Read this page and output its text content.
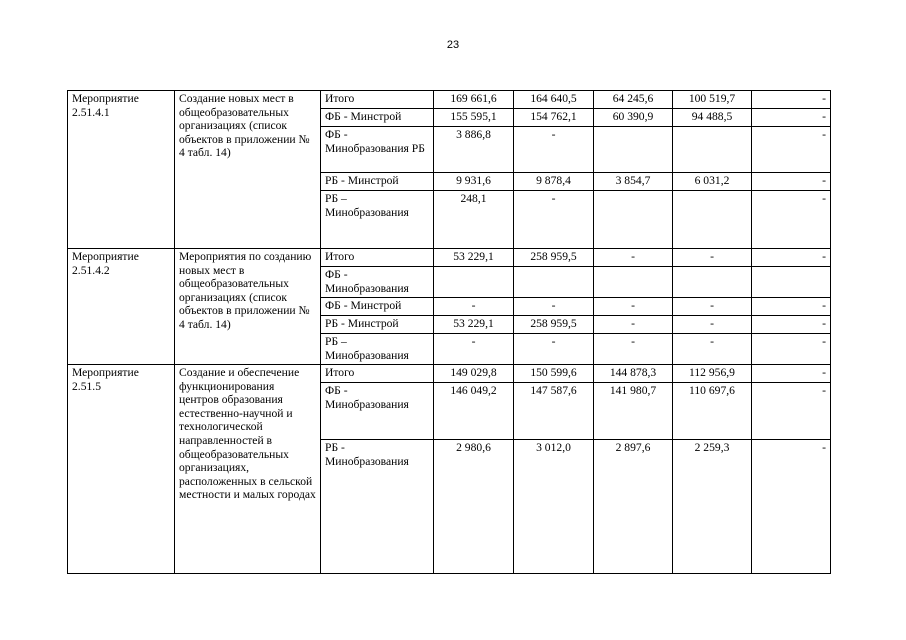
23
Мероприятие 2.51.4.1	Создание новых мест в общеобразовательных организациях (список объектов в приложении № 4 табл. 14)	Итого	169 661,6	164 640,5	64 245,6	100 519,7	-
		ФБ - Минстрой	155 595,1	154 762,1	60 390,9	94 488,5	-
		ФБ - Минобразования РБ	3 886,8	-			-
		РБ - Минстрой	9 931,6	9 878,4	3 854,7	6 031,2	-
		РБ – Минобразования	248,1	-			-
Мероприятие 2.51.4.2	Мероприятия по созданию новых мест в общеобразовательных организациях (список объектов в приложении № 4 табл. 14)	Итого	53 229,1	258 959,5	-	-	-
		ФБ - Минобразования					
		ФБ - Минстрой	-	-	-	-	-
		РБ - Минстрой	53 229,1	258 959,5	-	-	-
		РБ – Минобразования	-	-	-	-	-
Мероприятие 2.51.5	Создание и обеспечение функционирования центров образования естественно-научной и технологической направленностей в общеобразовательных организациях, расположенных в сельской местности и малых городах	Итого	149 029,8	150 599,6	144 878,3	112 956,9	-
		ФБ - Минобразования	146 049,2	147 587,6	141 980,7	110 697,6	-
		РБ - Минобразования	2 980,6	3 012,0	2 897,6	2 259,3	-
